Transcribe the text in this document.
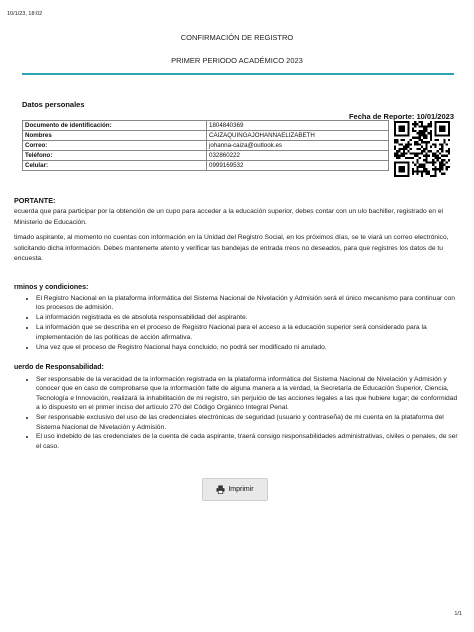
10/1/23, 18:02
CONFIRMACIÓN DE REGISTRO
PRIMER PERIODO ACADÉMICO 2023
Datos personales
Fecha de Reporte: 10/01/2023
Documento de identificación:	1804840369
Nombres	CAIZAQUINGAJOHANNAELIZABETH
Correo:	johanna-caiza@outlook.es
Teléfono:	032860222
Celular:	0999169532
PORTANTE:
ecuerda que para participar por la obtención de un cupo para acceder a la educación superior, debes contar con un ulo bachiller, registrado en el Ministerio de Educación.
timado aspirante, al momento no cuentas con información en la Unidad del Registro Social, en los próximos días, se te viará un correo electrónico, solicitando dicha información. Debes mantenerte atento y verificar las bandejas de entrada rreos no deseados, para que registres los datos de tu encuesta.
rminos y condiciones:
• El Registro Nacional en la plataforma informática del Sistema Nacional de Nivelación y Admisión será el único mecanismo para continuar con los procesos de admisión.
• La información registrada es de absoluta responsabilidad del aspirante.
• La información que se describa en el proceso de Registro Nacional para el acceso a la educación superior será considerado para la implementación de las políticas de acción afirmativa.
• Una vez que el proceso de Registro Nacional haya concluido, no podrá ser modificado ni anulado.
uerdo de Responsabilidad:
• Ser responsable de la veracidad de la información registrada en la plataforma informática del Sistema Nacional de Nivelación y Admisión y conocer que en caso de comprobarse que la información falte de alguna manera a la verdad, la Secretaría de Educación Superior, Ciencia, Tecnología e Innovación, realizará la inhabilitación de mi registro, sin perjuicio de las acciones legales a las que hubiere lugar; de conformidad a lo dispuesto en el primer inciso del artículo 270 del Código Orgánico Integral Penal.
• Ser responsable exclusivo del uso de las credenciales electrónicas de seguridad (usuario y contraseña) de mi cuenta en la plataforma del Sistema Nacional de Nivelación y Admisión.
• El uso indebido de las credenciales de la cuenta de cada aspirante, traerá consigo responsabilidades administrativas, civiles o penales, de ser el caso.
Imprimir
1/1
